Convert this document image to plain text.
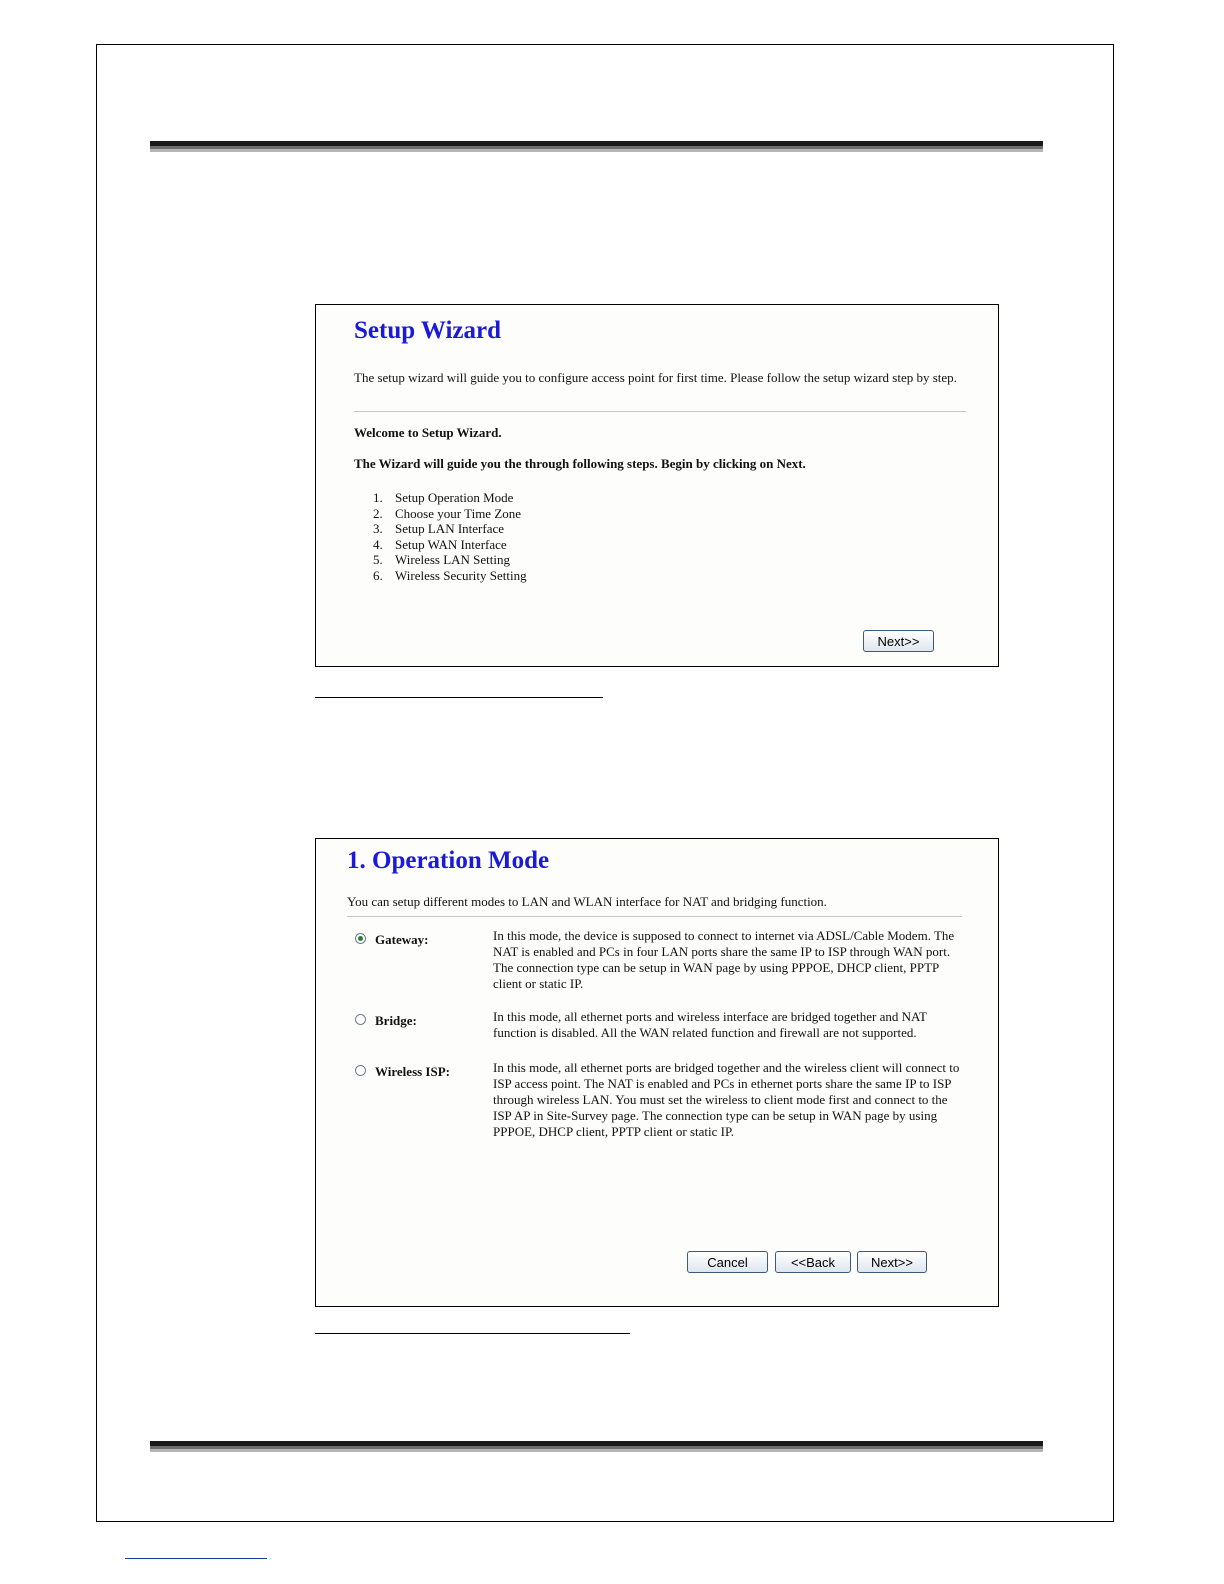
Setup Wizard
The setup wizard will guide you to configure access point for first time. Please follow the setup wizard step by step.
Welcome to Setup Wizard.
The Wizard will guide you the through following steps. Begin by clicking on Next.
1. Setup Operation Mode
2. Choose your Time Zone
3. Setup LAN Interface
4. Setup WAN Interface
5. Wireless LAN Setting
6. Wireless Security Setting
Next>>
1. Operation Mode
You can setup different modes to LAN and WLAN interface for NAT and bridging function.
Gateway:	In this mode, the device is supposed to connect to internet via ADSL/Cable Modem. The NAT is enabled and PCs in four LAN ports share the same IP to ISP through WAN port. The connection type can be setup in WAN page by using PPPOE, DHCP client, PPTP client or static IP.
Bridge:	In this mode, all ethernet ports and wireless interface are bridged together and NAT function is disabled. All the WAN related function and firewall are not supported.
Wireless ISP:	In this mode, all ethernet ports are bridged together and the wireless client will connect to ISP access point. The NAT is enabled and PCs in ethernet ports share the same IP to ISP through wireless LAN. You must set the wireless to client mode first and connect to the ISP AP in Site-Survey page. The connection type can be setup in WAN page by using PPPOE, DHCP client, PPTP client or static IP.
Cancel	<<Back	Next>>
